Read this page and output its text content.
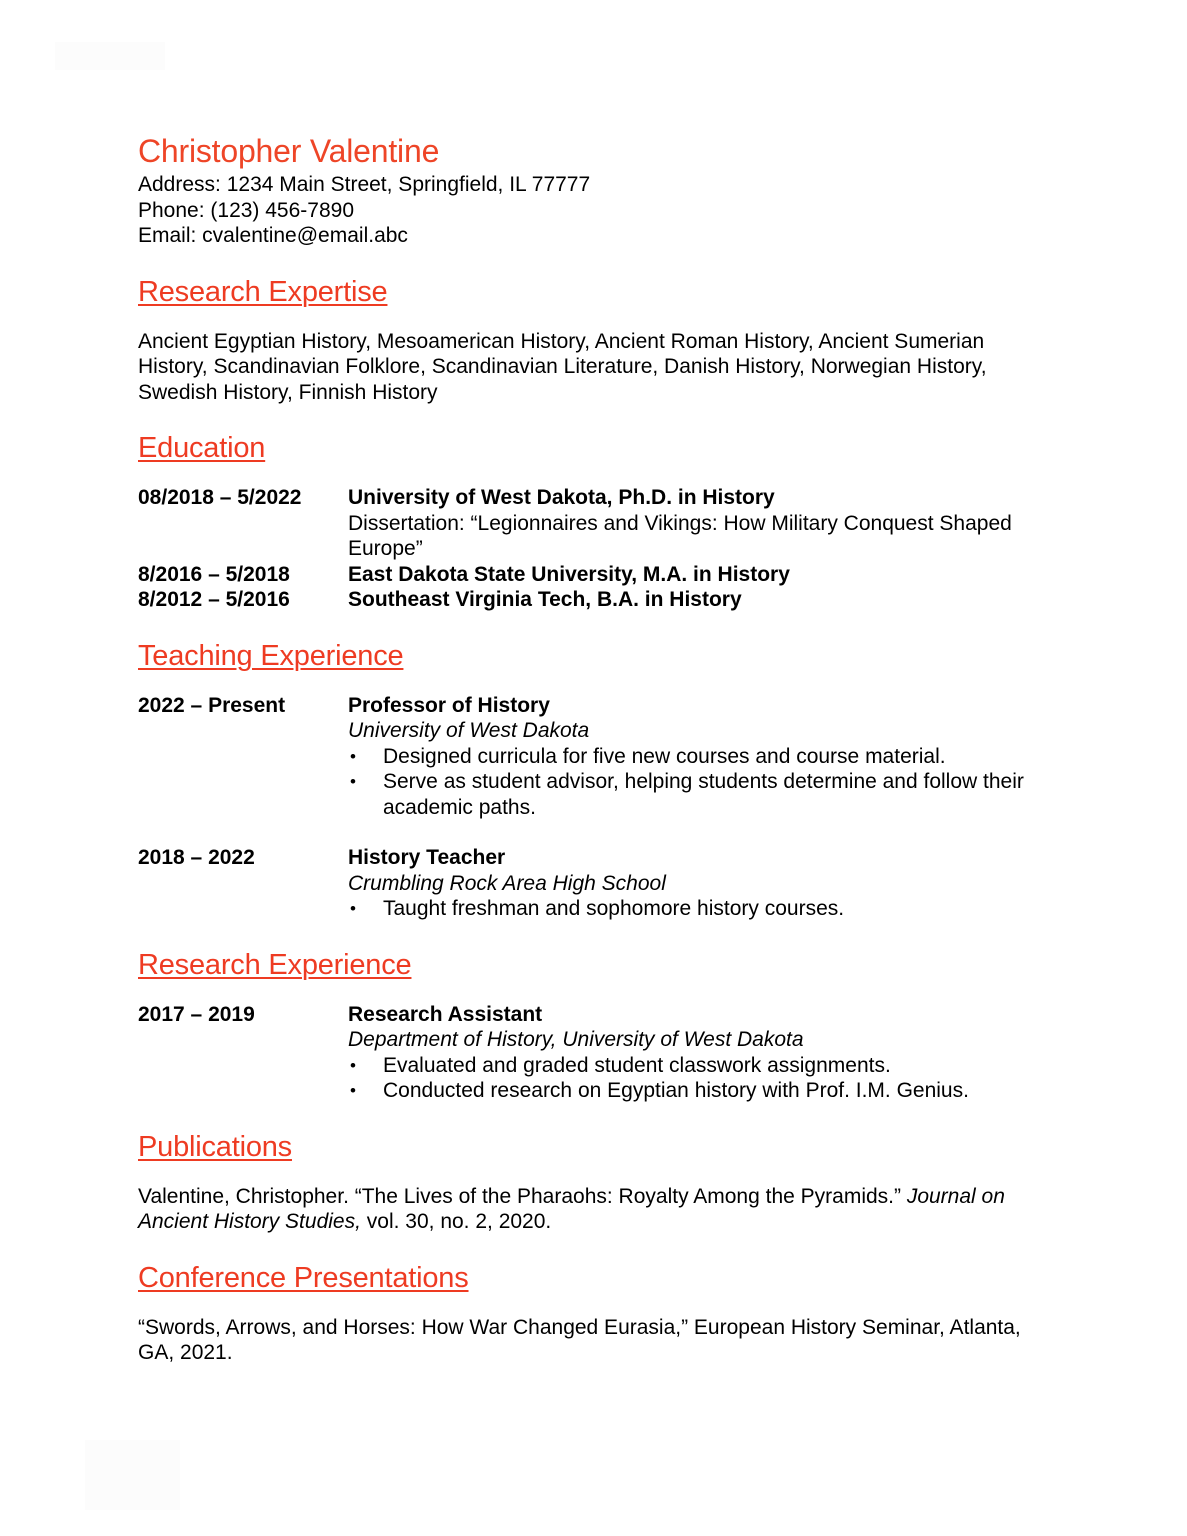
Christopher Valentine
Address: 1234 Main Street, Springfield, IL 77777
Phone: (123) 456-7890
Email: cvalentine@email.abc
Research Expertise

Ancient Egyptian History, Mesoamerican History, Ancient Roman History, Ancient Sumerian History, Scandinavian Folklore, Scandinavian Literature, Danish History, Norwegian History, Swedish History, Finnish History

Education
08/2018 – 5/2022	University of West Dakota, Ph.D. in History
Dissertation: “Legionnaires and Vikings: How Military Conquest Shaped Europe”
8/2016 – 5/2018	East Dakota State University, M.A. in History
8/2012 – 5/2016	Southeast Virginia Tech, B.A. in History
Teaching Experience
2022 – Present	Professor of History
University of West Dakota
• Designed curricula for five new courses and course material.
• Serve as student advisor, helping students determine and follow their academic paths.
2018 – 2022	History Teacher
Crumbling Rock Area High School
• Taught freshman and sophomore history courses.
Research Experience
2017 – 2019	Research Assistant
Department of History, University of West Dakota
• Evaluated and graded student classwork assignments.
• Conducted research on Egyptian history with Prof. I.M. Genius.
Publications

Valentine, Christopher. “The Lives of the Pharaohs: Royalty Among the Pyramids.” Journal on Ancient History Studies, vol. 30, no. 2, 2020.

Conference Presentations

“Swords, Arrows, and Horses: How War Changed Eurasia,” European History Seminar, Atlanta, GA, 2021.
